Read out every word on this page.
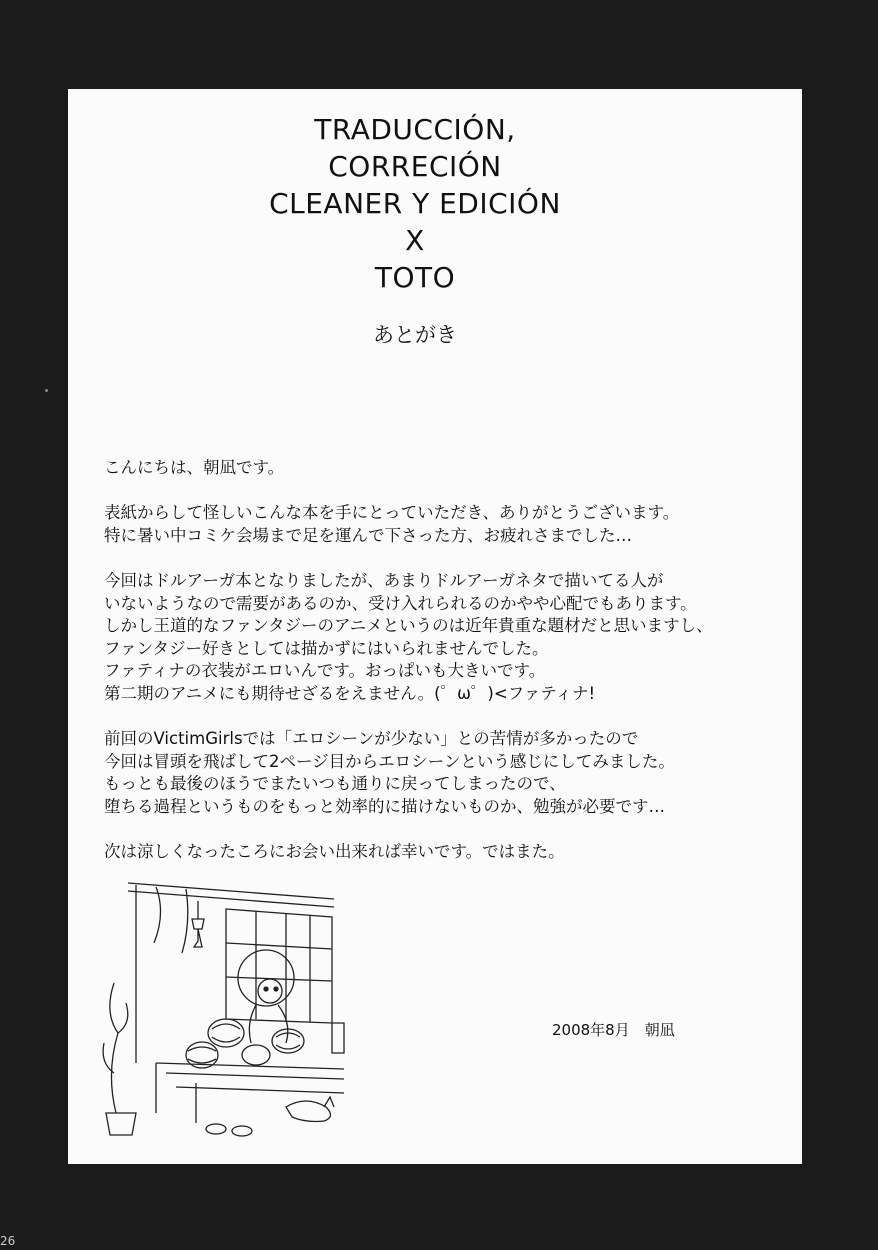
TRADUCCIÓN,
CORRECIÓN
CLEANER Y EDICIÓN
X
TOTO
あとがき

こんにちは、朝凪です。

表紙からして怪しいこんな本を手にとっていただき、ありがとうございます。
特に暑い中コミケ会場まで足を運んで下さった方、お疲れさまでした…

今回はドルアーガ本となりましたが、あまりドルアーガネタで描いてる人が
いないようなので需要があるのか、受け入れられるのかやや心配でもあります。
しかし王道的なファンタジーのアニメというのは近年貴重な題材だと思いますし、
ファンタジー好きとしては描かずにはいられませんでした。
ファティナの衣装がエロいんです。おっぱいも大きいです。
第二期のアニメにも期待せざるをえません。(゜ω゜)<ファティナ!

前回のVictimGirlsでは「エロシーンが少ない」との苦情が多かったので
今回は冒頭を飛ばして2ページ目からエロシーンという感じにしてみました。
もっとも最後のほうでまたいつも通りに戻ってしまったので、
堕ちる過程というものをもっと効率的に描けないものか、勉強が必要です…

次は涼しくなったころにお会い出来れば幸いです。ではまた。

2008年8月　朝凪
26
